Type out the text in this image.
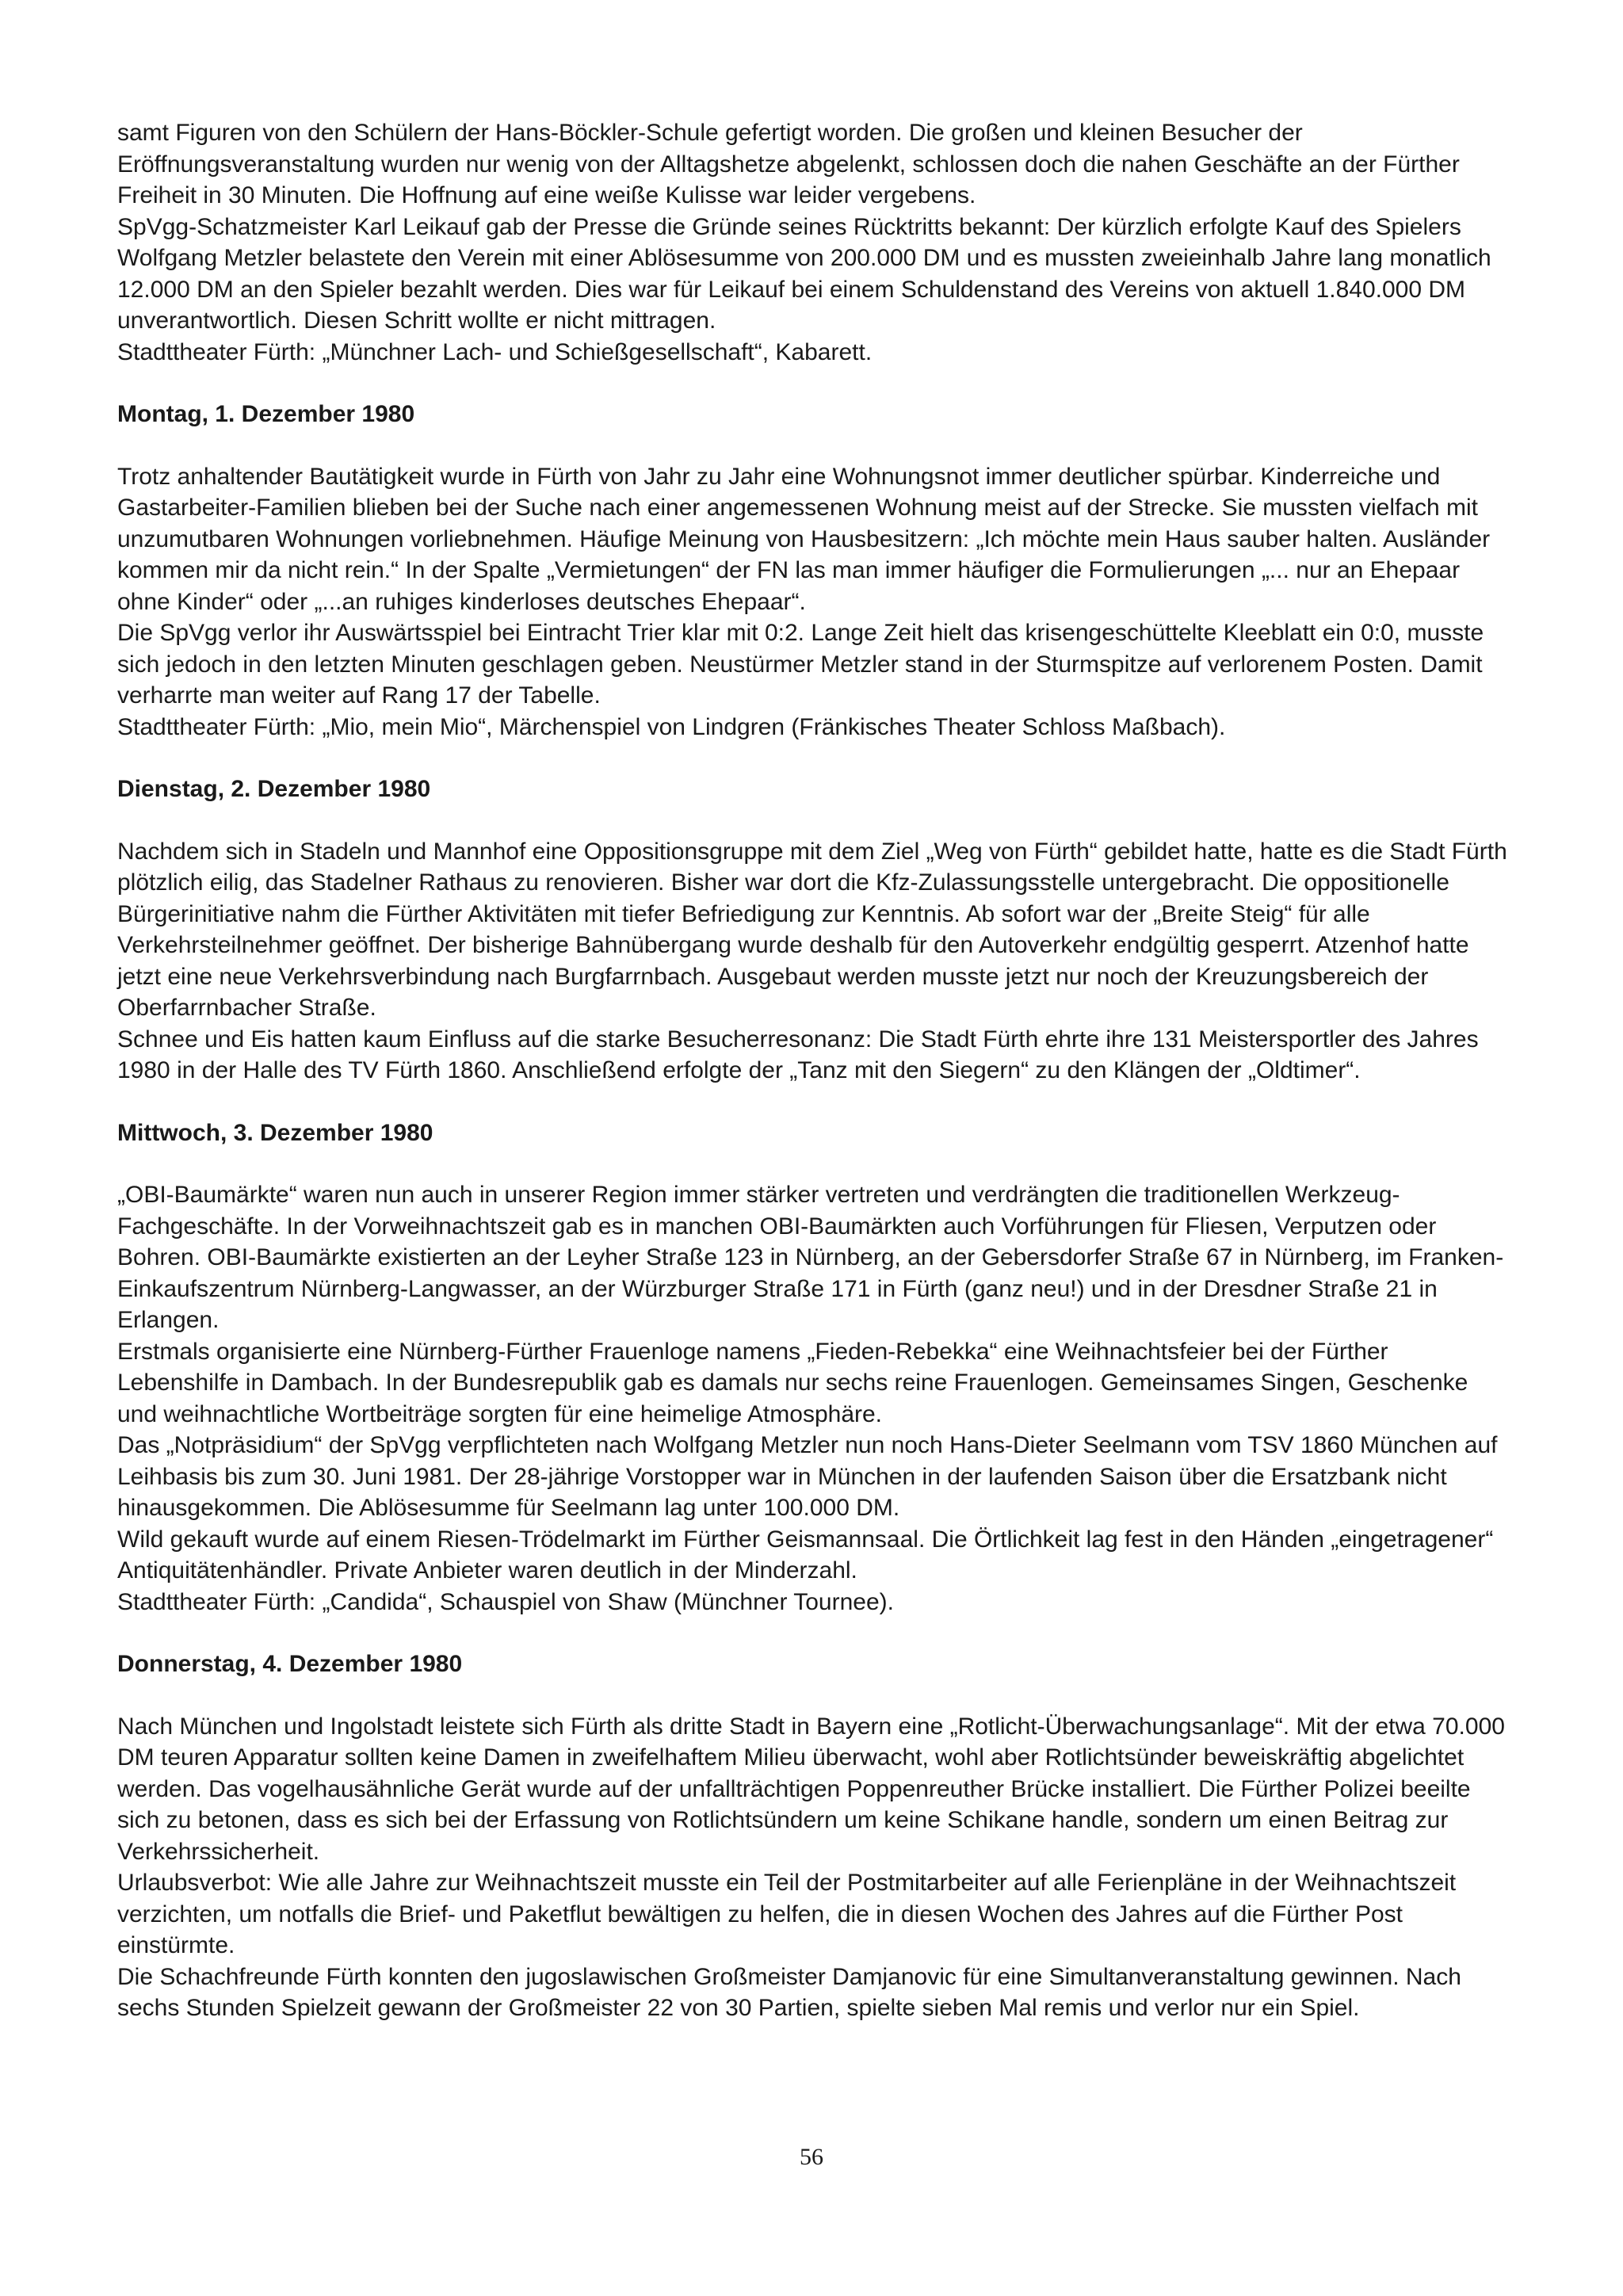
samt Figuren von den Schülern der Hans-Böckler-Schule gefertigt worden. Die großen und kleinen Besucher der Eröffnungsveranstaltung wurden nur wenig von der Alltagshetze abgelenkt, schlossen doch die nahen Geschäfte an der Fürther Freiheit in 30 Minuten. Die Hoffnung auf eine weiße Kulisse war leider vergebens.

SpVgg-Schatzmeister Karl Leikauf gab der Presse die Gründe seines Rücktritts bekannt: Der kürzlich erfolgte Kauf des Spielers Wolfgang Metzler belastete den Verein mit einer Ablösesumme von 200.000 DM und es mussten zweieinhalb Jahre lang monatlich 12.000 DM an den Spieler bezahlt werden. Dies war für Leikauf bei einem Schuldenstand des Vereins von aktuell 1.840.000 DM unverantwortlich. Diesen Schritt wollte er nicht mittragen.

Stadttheater Fürth: „Münchner Lach- und Schießgesellschaft“, Kabarett.

Montag, 1. Dezember 1980

Trotz anhaltender Bautätigkeit wurde in Fürth von Jahr zu Jahr eine Wohnungsnot immer deutlicher spürbar. Kinderreiche und Gastarbeiter-Familien blieben bei der Suche nach einer angemessenen Wohnung meist auf der Strecke. Sie mussten vielfach mit unzumutbaren Wohnungen vorliebnehmen. Häufige Meinung von Hausbesitzern: „Ich möchte mein Haus sauber halten. Ausländer kommen mir da nicht rein.“ In der Spalte „Vermietungen“ der FN las man immer häufiger die Formulierungen „... nur an Ehepaar ohne Kinder“ oder „...an ruhiges kinderloses deutsches Ehepaar“.

Die SpVgg verlor ihr Auswärtsspiel bei Eintracht Trier klar mit 0:2. Lange Zeit hielt das krisengeschüttelte Kleeblatt ein 0:0, musste sich jedoch in den letzten Minuten geschlagen geben. Neustürmer Metzler stand in der Sturmspitze auf verlorenem Posten. Damit verharrte man weiter auf Rang 17 der Tabelle.

Stadttheater Fürth: „Mio, mein Mio“, Märchenspiel von Lindgren (Fränkisches Theater Schloss Maßbach).

Dienstag, 2. Dezember 1980

Nachdem sich in Stadeln und Mannhof eine Oppositionsgruppe mit dem Ziel „Weg von Fürth“ gebildet hatte, hatte es die Stadt Fürth plötzlich eilig, das Stadelner Rathaus zu renovieren. Bisher war dort die Kfz-Zulassungsstelle untergebracht. Die oppositionelle Bürgerinitiative nahm die Fürther Aktivitäten mit tiefer Befriedigung zur Kenntnis. Ab sofort war der „Breite Steig“ für alle Verkehrsteilnehmer geöffnet. Der bisherige Bahnübergang wurde deshalb für den Autoverkehr endgültig gesperrt. Atzenhof hatte jetzt eine neue Verkehrsverbindung nach Burgfarrnbach. Ausgebaut werden musste jetzt nur noch der Kreuzungsbereich der Oberfarrnbacher Straße.

Schnee und Eis hatten kaum Einfluss auf die starke Besucherresonanz: Die Stadt Fürth ehrte ihre 131 Meistersportler des Jahres 1980 in der Halle des TV Fürth 1860. Anschließend erfolgte der „Tanz mit den Siegern“ zu den Klängen der „Oldtimer“.

Mittwoch, 3. Dezember 1980

„OBI-Baumärkte“ waren nun auch in unserer Region immer stärker vertreten und verdrängten die traditionellen Werkzeug-Fachgeschäfte. In der Vorweihnachtszeit gab es in manchen OBI-Baumärkten auch Vorführungen für Fliesen, Verputzen oder Bohren. OBI-Baumärkte existierten an der Leyher Straße 123 in Nürnberg, an der Gebersdorfer Straße 67 in Nürnberg, im Franken-Einkaufszentrum Nürnberg-Langwasser, an der Würzburger Straße 171 in Fürth (ganz neu!) und in der Dresdner Straße 21 in Erlangen.

Erstmals organisierte eine Nürnberg-Fürther Frauenloge namens „Fieden-Rebekka“ eine Weihnachtsfeier bei der Fürther Lebenshilfe in Dambach. In der Bundesrepublik gab es damals nur sechs reine Frauenlogen. Gemeinsames Singen, Geschenke und weihnachtliche Wortbeiträge sorgten für eine heimelige Atmosphäre.

Das „Notpräsidium“ der SpVgg verpflichteten nach Wolfgang Metzler nun noch Hans-Dieter Seelmann vom TSV 1860 München auf Leihbasis bis zum 30. Juni 1981. Der 28-jährige Vorstopper war in München in der laufenden Saison über die Ersatzbank nicht hinausgekommen. Die Ablösesumme für Seelmann lag unter 100.000 DM.

Wild gekauft wurde auf einem Riesen-Trödelmarkt im Fürther Geismannsaal. Die Örtlichkeit lag fest in den Händen „eingetragener“ Antiquitätenhändler. Private Anbieter waren deutlich in der Minderzahl.

Stadttheater Fürth: „Candida“, Schauspiel von Shaw (Münchner Tournee).

Donnerstag, 4. Dezember 1980

Nach München und Ingolstadt leistete sich Fürth als dritte Stadt in Bayern eine „Rotlicht-Überwachungsanlage“. Mit der etwa 70.000 DM teuren Apparatur sollten keine Damen in zweifelhaftem Milieu überwacht, wohl aber Rotlichtsünder beweiskräftig abgelichtet werden. Das vogelhausähnliche Gerät wurde auf der unfallträchtigen Poppenreuther Brücke installiert. Die Fürther Polizei beeilte sich zu betonen, dass es sich bei der Erfassung von Rotlichtsündern um keine Schikane handle, sondern um einen Beitrag zur Verkehrssicherheit.

Urlaubsverbot: Wie alle Jahre zur Weihnachtszeit musste ein Teil der Postmitarbeiter auf alle Ferienpläne in der Weihnachtszeit verzichten, um notfalls die Brief- und Paketflut bewältigen zu helfen, die in diesen Wochen des Jahres auf die Fürther Post einstürmte.

Die Schachfreunde Fürth konnten den jugoslawischen Großmeister Damjanovic für eine Simultanveranstaltung gewinnen. Nach sechs Stunden Spielzeit gewann der Großmeister 22 von 30 Partien, spielte sieben Mal remis und verlor nur ein Spiel.

56
